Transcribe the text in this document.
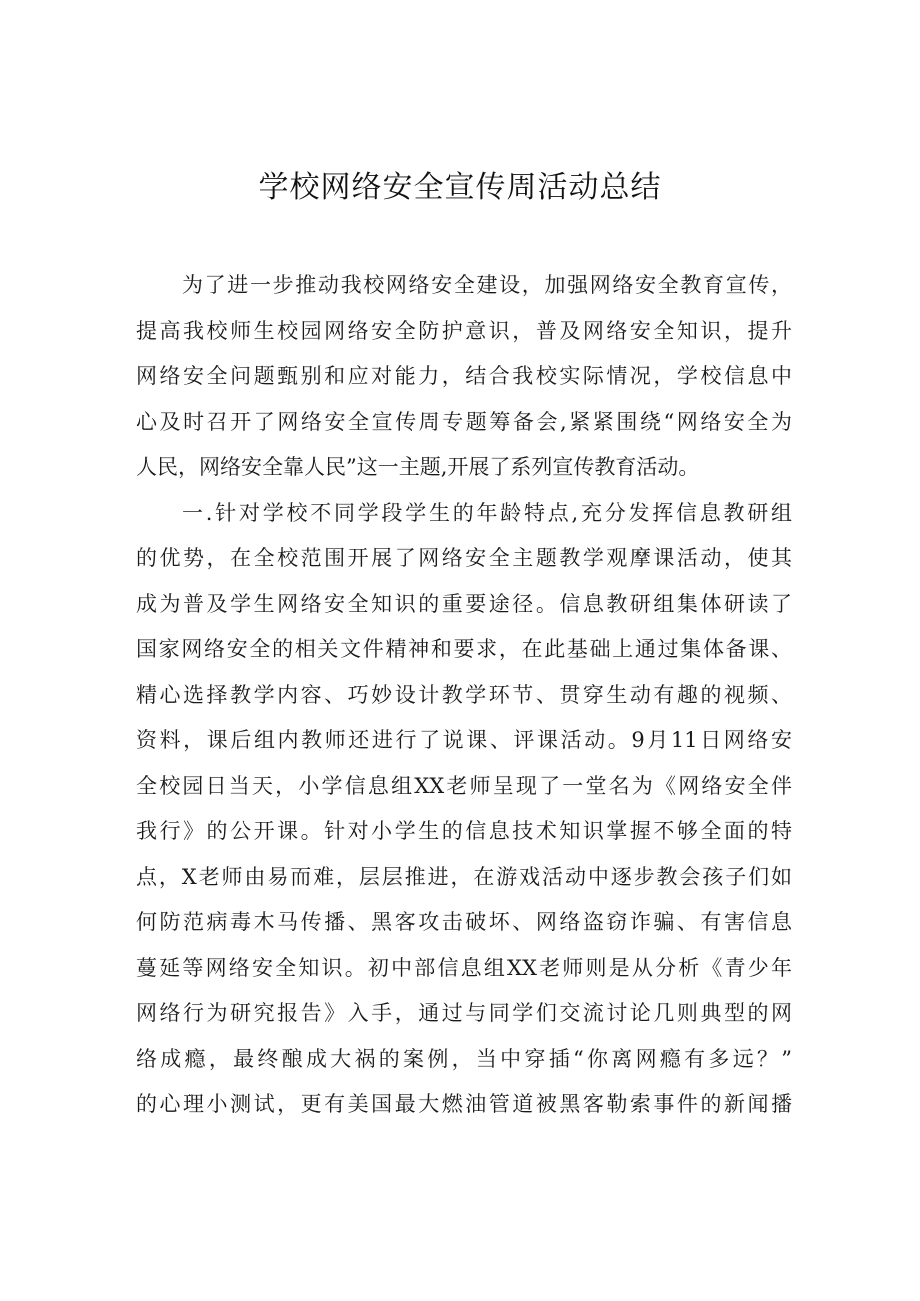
学校网络安全宣传周活动总结
为了进一步推动我校网络安全建设，加强网络安全教育宣传，
提高我校师生校园网络安全防护意识，普及网络安全知识，提升
网络安全问题甄别和应对能力，结合我校实际情况，学校信息中
心及时召开了网络安全宣传周专题筹备会,紧紧围绕“网络安全为
人民，网络安全靠人民”这一主题,开展了系列宣传教育活动。
一.针对学校不同学段学生的年龄特点,充分发挥信息教研组
的优势，在全校范围开展了网络安全主题教学观摩课活动，使其
成为普及学生网络安全知识的重要途径。信息教研组集体研读了
国家网络安全的相关文件精神和要求，在此基础上通过集体备课、
精心选择教学内容、巧妙设计教学环节、贯穿生动有趣的视频、
资料，课后组内教师还进行了说课、评课活动。9月11日网络安
全校园日当天，小学信息组XX老师呈现了一堂名为《网络安全伴
我行》的公开课。针对小学生的信息技术知识掌握不够全面的特
点，X老师由易而难，层层推进，在游戏活动中逐步教会孩子们如
何防范病毒木马传播、黑客攻击破坏、网络盗窃诈骗、有害信息
蔓延等网络安全知识。初中部信息组XX老师则是从分析《青少年
网络行为研究报告》入手，通过与同学们交流讨论几则典型的网
络成瘾，最终酿成大祸的案例，当中穿插“你离网瘾有多远？”
的心理小测试，更有美国最大燃油管道被黑客勒索事件的新闻播
